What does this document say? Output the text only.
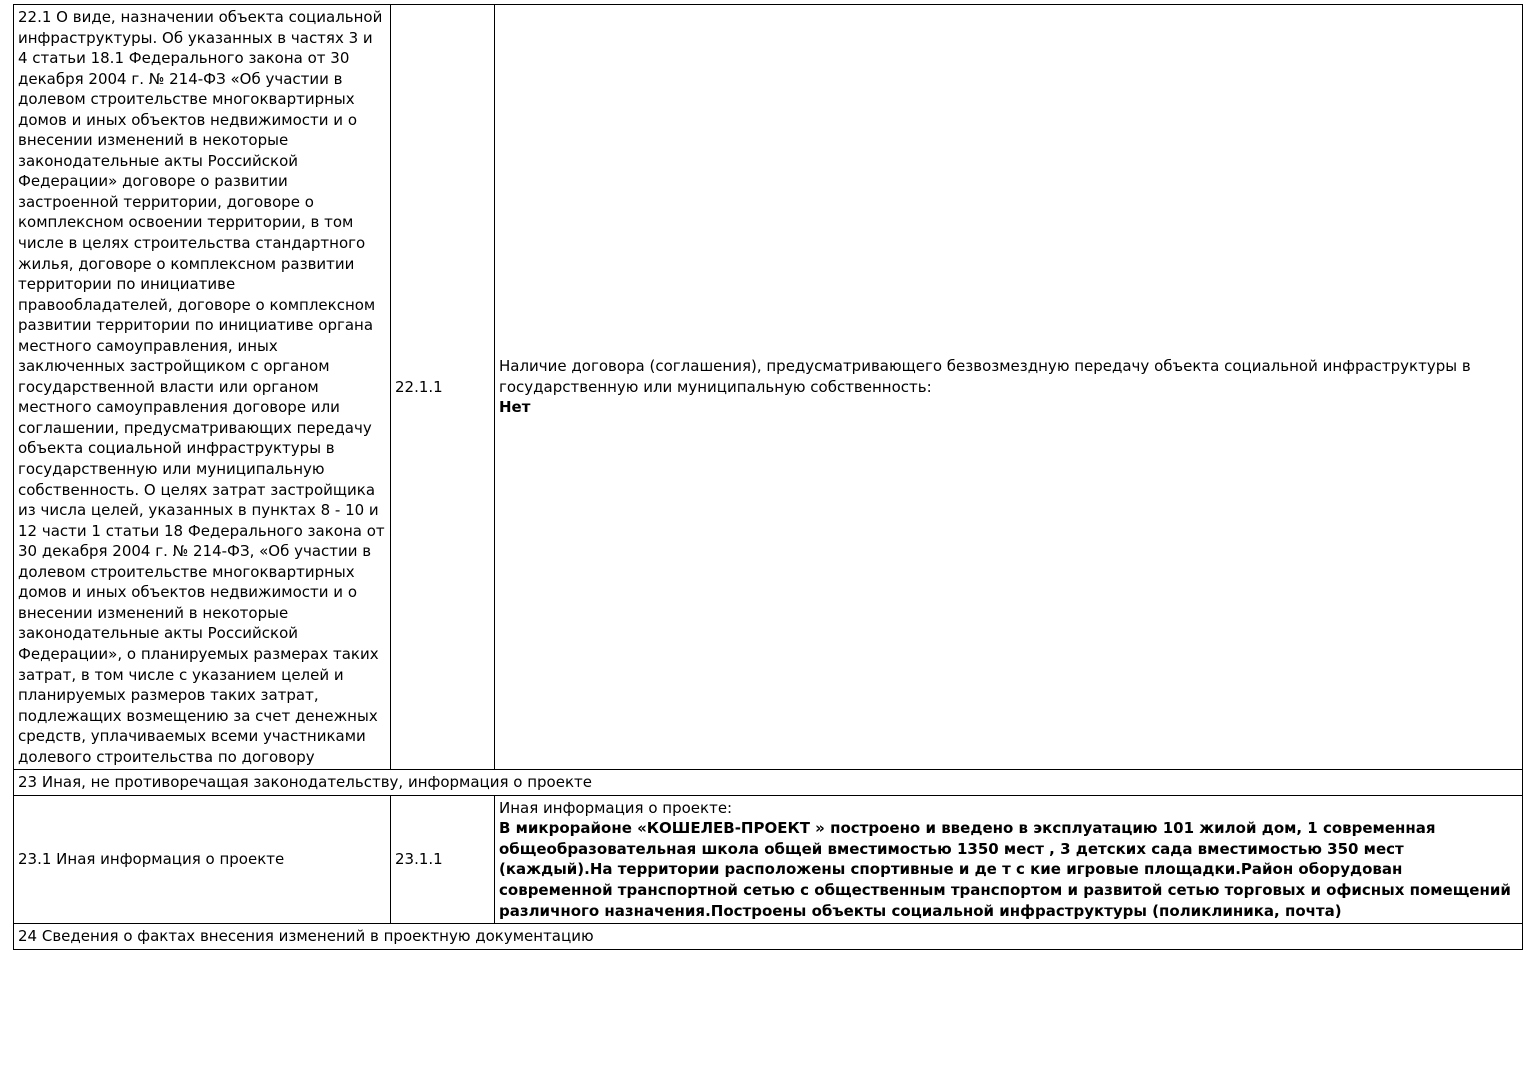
22.1 О виде, назначении объекта социальной инфраструктуры. Об указанных в частях 3 и 4 статьи 18.1 Федерального закона от 30 декабря 2004 г. № 214-ФЗ «Об участии в долевом строительстве многоквартирных домов и иных объектов недвижимости и о внесении изменений в некоторые законодательные акты Российской Федерации» договоре о развитии застроенной территории, договоре о комплексном освоении территории, в том числе в целях строительства стандартного жилья, договоре о комплексном развитии территории по инициативе правообладателей, договоре о комплексном развитии территории по инициативе органа местного самоуправления, иных заключенных застройщиком с органом государственной власти или органом местного самоуправления договоре или соглашении, предусматривающих передачу объекта социальной инфраструктуры в государственную или муниципальную собственность. О целях затрат застройщика из числа целей, указанных в пунктах 8 - 10 и 12 части 1 статьи 18 Федерального закона от 30 декабря 2004 г. № 214-ФЗ, «Об участии в долевом строительстве многоквартирных домов и иных объектов недвижимости и о внесении изменений в некоторые законодательные акты Российской Федерации», о планируемых размерах таких затрат, в том числе с указанием целей и планируемых размеров таких затрат, подлежащих возмещению за счет денежных средств, уплачиваемых всеми участниками долевого строительства по договору	22.1.1	Наличие договора (соглашения), предусматривающего безвозмездную передачу объекта социальной инфраструктуры в государственную или муниципальную собственность:
Нет

23 Иная, не противоречащая законодательству, информация о проекте		
23.1 Иная информация о проекте	23.1.1	Иная информация о проекте:
В микрорайоне «КОШЕЛЕВ-ПРОЕКТ » построено и введено в эксплуатацию 101 жилой дом, 1 современная общеобразовательная школа общей вместимостью 1350 мест , 3 детских сада вместимостью 350 мест (каждый).На территории расположены спортивные и де т с кие игровые площадки.Район оборудован современной транспортной сетью с общественным транспортом и развитой сетью торговых и офисных помещений различного назначения.Построены объекты социальной инфраструктуры (поликлиника, почта)

24 Сведения о фактах внесения изменений в проектную документацию		
